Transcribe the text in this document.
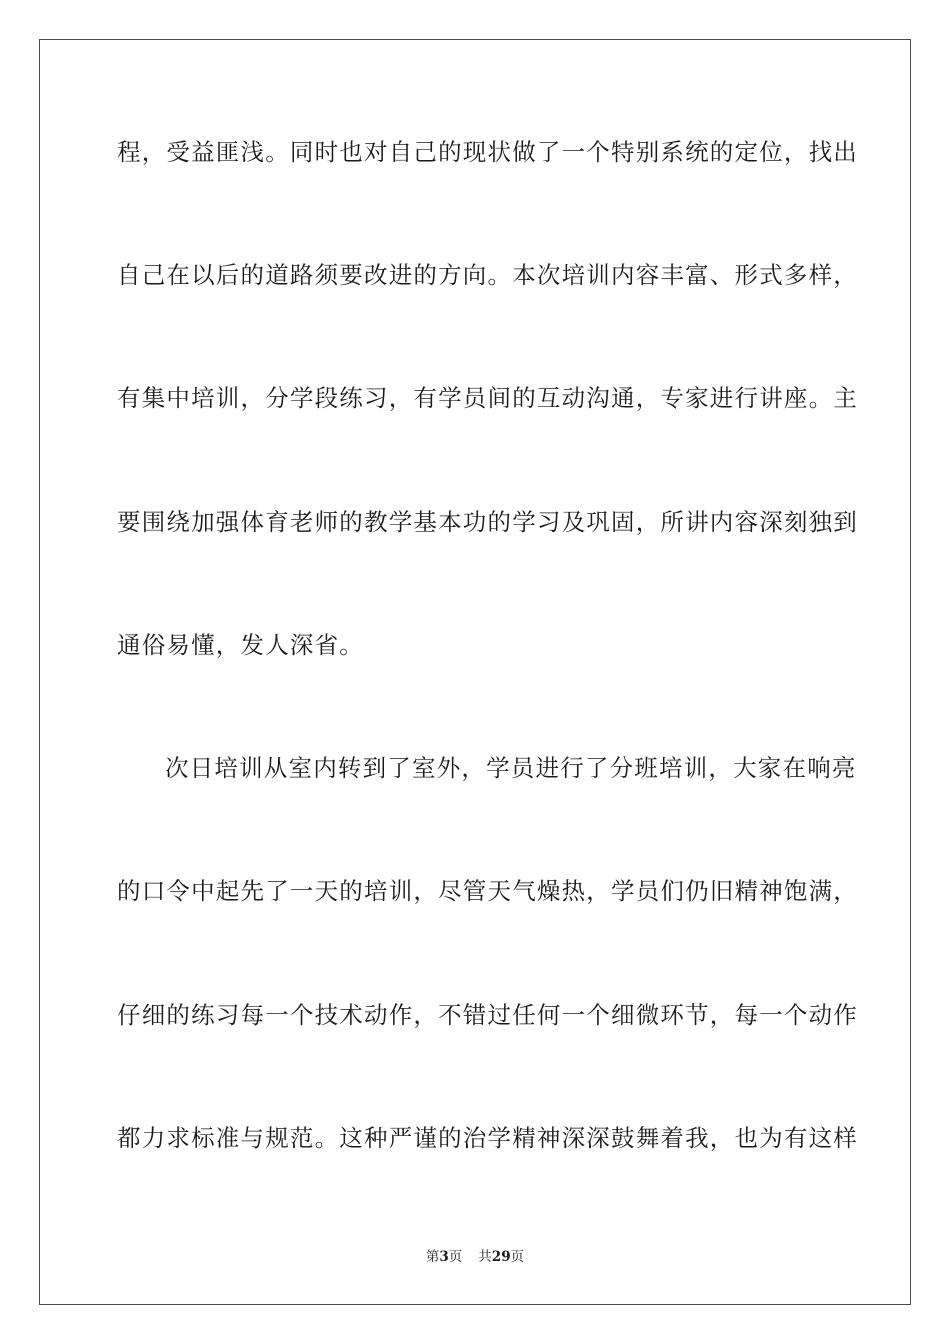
程，受益匪浅。同时也对自己的现状做了一个特别系统的定位，找出
自己在以后的道路须要改进的方向。本次培训内容丰富、形式多样，
有集中培训，分学段练习，有学员间的互动沟通，专家进行讲座。主
要围绕加强体育老师的教学基本功的学习及巩固，所讲内容深刻独到
通俗易懂，发人深省。
次日培训从室内转到了室外，学员进行了分班培训，大家在响亮
的口令中起先了一天的培训，尽管天气燥热，学员们仍旧精神饱满，
仔细的练习每一个技术动作，不错过任何一个细微环节，每一个动作
都力求标准与规范。这种严谨的治学精神深深鼓舞着我，也为有这样
第3页 共29页
